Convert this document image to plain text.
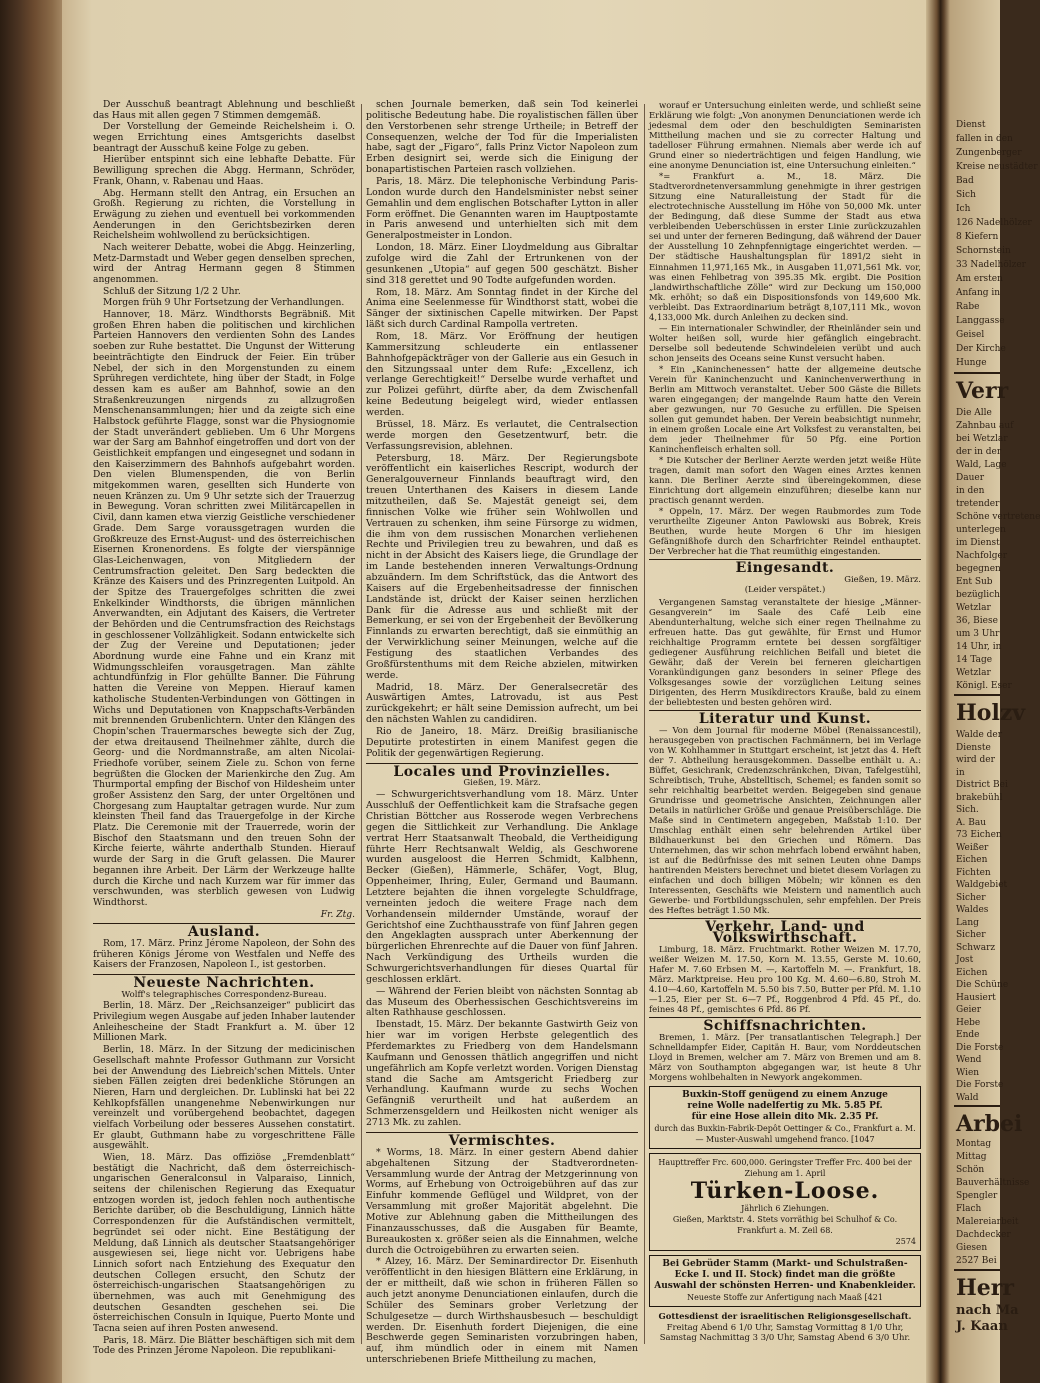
Der Ausschuß beantragt Ablehnung und beschließt das Haus mit allen gegen 7 Stimmen demgemäß.

Der Vorstellung der Gemeinde Reichelsheim i. O. wegen Errichtung eines Amtsgerichts daselbst beantragt der Ausschuß keine Folge zu geben.

Hierüber entspinnt sich eine lebhafte Debatte. Für Bewilligung sprechen die Abgg. Hermann, Schröder, Frank, Ohann, v. Rabenau und Haas.

Abg. Hermann stellt den Antrag, ein Ersuchen an Großh. Regierung zu richten, die Vorstellung in Erwägung zu ziehen und eventuell bei vorkommenden Aenderungen in den Gerichtsbezirken deren Reichelsheim wohlwollend zu berücksichtigen.

Nach weiterer Debatte, wobei die Abgg. Heinzerling, Metz-Darmstadt und Weber gegen denselben sprechen, wird der Antrag Hermann gegen 8 Stimmen angenommen.

Schluß der Sitzung 1/2 2 Uhr.

Morgen früh 9 Uhr Fortsetzung der Verhandlungen.

Hannover, 18. März. Windthorsts Begräbniß. Mit großen Ehren haben die politischen und kirchlichen Parteien Hannovers den verdienten Sohn des Landes soeben zur Ruhe bestattet. Die Ungunst der Witterung beeinträchtigte den Eindruck der Feier. Ein trüber Nebel, der sich in den Morgenstunden zu einem Sprühregen verdichtete, hing über der Stadt, in Folge dessen kam es außer am Bahnhof, sowie an den Straßenkreuzungen nirgends zu allzugroßen Menschenansammlungen; hier und da zeigte sich eine Halbstock geführte Flagge, sonst war die Physiognomie der Stadt unverändert geblieben. Um 6 Uhr Morgens war der Sarg am Bahnhof eingetroffen und dort von der Geistlichkeit empfangen und eingesegnet und sodann in den Kaiserzimmern des Bahnhofs aufgebahrt worden. Den vielen Blumenspenden, die von Berlin mitgekommen waren, gesellten sich Hunderte von neuen Kränzen zu. Um 9 Uhr setzte sich der Trauerzug in Bewegung. Voran schritten zwei Militärcapellen in Civil, dann kamen etwa vierzig Geistliche verschiedener Grade. Dem Sarge voraussgetragen wurden die Großkreuze des Ernst-August- und des österreichischen Eisernen Kronenordens. Es folgte der vierspännige Glas-Leichenwagen, von Mitgliedern der Centrumsfraction geleitet. Den Sarg bedeckten die Kränze des Kaisers und des Prinzregenten Luitpold. An der Spitze des Trauergefolges schritten die zwei Enkelkinder Windthorsts, die übrigen männlichen Anverwandten, ein Adjutant des Kaisers, die Vertreter der Behörden und die Centrumsfraction des Reichstags in geschlossener Vollzähligkeit. Sodann entwickelte sich der Zug der Vereine und Deputationen; jeder Abordnung wurde eine Fahne und ein Kranz mit Widmungsschleifen vorausgetragen. Man zählte achtundfünfzig in Flor gehüllte Banner. Die Führung hatten die Vereine von Meppen. Hierauf kamen katholische Studenten-Verbindungen von Göttingen in Wichs und Deputationen von Knappschafts-Verbänden mit brennenden Grubenlichtern. Unter den Klängen des Chopin'schen Trauermarsches bewegte sich der Zug, der etwa dreitausend Theilnehmer zählte, durch die Georg- und die Nordmannstraße, am alten Nicolai-Friedhofe vorüber, seinem Ziele zu. Schon von ferne begrüßten die Glocken der Marienkirche den Zug. Am Thurmportal empfing der Bischof von Hildesheim unter großer Assistenz den Sarg, der unter Orgeltönen und Chorgesang zum Hauptaltar getragen wurde. Nur zum kleinsten Theil fand das Trauergefolge in der Kirche Platz. Die Ceremonie mit der Trauerrede, worin der Bischof den Staatsmann und den treuen Sohn der Kirche feierte, währte anderthalb Stunden. Hierauf wurde der Sarg in die Gruft gelassen. Die Maurer begannen ihre Arbeit. Der Lärm der Werkzeuge hallte durch die Kirche und nach Kurzem war für immer das verschwunden, was sterblich gewesen von Ludwig Windthorst.

Fr. Ztg.

Ausland.

Rom, 17. März. Prinz Jérome Napoleon, der Sohn des früheren Königs Jérome von Westfalen und Neffe des Kaisers der Franzosen, Napoleon I., ist gestorben.

Neueste Nachrichten.

Wolff's telegraphisches Correspondenz-Bureau.

Berlin, 18. März. Der „Reichsanzeiger“ publicirt das Privilegium wegen Ausgabe auf jeden Inhaber lautender Anleihescheine der Stadt Frankfurt a. M. über 12 Millionen Mark.

Berlin, 18. März. In der Sitzung der medicinischen Gesellschaft mahnte Professor Guthmann zur Vorsicht bei der Anwendung des Liebreich'schen Mittels. Unter sieben Fällen zeigten drei bedenkliche Störungen an Nieren, Harn und dergleichen. Dr. Lublinski hat bei 22 Kehlkopfsfällen unangenehme Nebenwirkungen nur vereinzelt und vorübergehend beobachtet, dagegen vielfach Vorbeilung oder besseres Aussehen constatirt. Er glaubt, Guthmann habe zu vorgeschrittene Fälle ausgewählt.

Wien, 18. März. Das offiziöse „Fremdenblatt“ bestätigt die Nachricht, daß dem österreichisch-ungarischen Generalconsul in Valparaiso, Linnich, seitens der chilenischen Regierung das Exequatur entzogen worden ist, jedoch fehlen noch authentische Berichte darüber, ob die Beschuldigung, Linnich hätte Correspondenzen für die Aufständischen vermittelt, begründet sei oder nicht. Eine Bestätigung der Meldung, daß Linnich als deutscher Staatsangehöriger ausgewiesen sei, liege nicht vor. Uebrigens habe Linnich sofort nach Entziehung des Exequatur den deutschen Collegen ersucht, den Schutz der österreichisch-ungarischen Staatsangehörigen zu übernehmen, was auch mit Genehmigung des deutschen Gesandten geschehen sei. Die österreichischen Consuln in Iquique, Puerto Monte und Tacna seien auf ihren Posten anwesend.

Paris, 18. März. Die Blätter beschäftigen sich mit dem Tode des Prinzen Jérome Napoleon. Die republikani-

schen Journale bemerken, daß sein Tod keinerlei politische Bedeutung habe. Die royalistischen fällen über den Verstorbenen sehr strenge Urtheile; in Betreff der Consequenzen, welche der Tod für die Imperialisten habe, sagt der „Figaro“, falls Prinz Victor Napoleon zum Erben designirt sei, werde sich die Einigung der bonapartistischen Parteien rasch vollziehen.

Paris, 18. März. Die telephonische Verbindung Paris-London wurde durch den Handelsminister nebst seiner Gemahlin und dem englischen Botschafter Lytton in aller Form eröffnet. Die Genannten waren im Hauptpostamte in Paris anwesend und unterhielten sich mit dem Generalpostmeister in London.

London, 18. März. Einer Lloydmeldung aus Gibraltar zufolge wird die Zahl der Ertrunkenen von der gesunkenen „Utopia“ auf gegen 500 geschätzt. Bisher sind 318 gerettet und 90 Todte aufgefunden worden.

Rom, 18. März. Am Sonntag findet in der Kirche del Anima eine Seelenmesse für Windthorst statt, wobei die Sänger der sixtinischen Capelle mitwirken. Der Papst läßt sich durch Cardinal Rampolla vertreten.

Rom, 18. März. Vor Eröffnung der heutigen Kammersitzung schleuderte ein entlassener Bahnhofgepäckträger von der Gallerie aus ein Gesuch in den Sitzungssaal unter dem Rufe: „Excellenz, ich verlange Gerechtigkeit!“ Derselbe wurde verhaftet und zur Polizei geführt, dürfte aber, da dem Zwischenfall keine Bedeutung beigelegt wird, wieder entlassen werden.

Brüssel, 18. März. Es verlautet, die Centralsection werde morgen den Gesetzentwurf, betr. die Verfassungsrevision, ablehnen.

Petersburg, 18. März. Der Regierungsbote veröffentlicht ein kaiserliches Rescript, wodurch der Generalgouverneur Finnlands beauftragt wird, den treuen Unterthanen des Kaisers in diesem Lande mitzutheilen, daß Se. Majestät geneigt sei, dem finnischen Volke wie früher sein Wohlwollen und Vertrauen zu schenken, ihm seine Fürsorge zu widmen, die ihm von dem russischen Monarchen verliehenen Rechte und Privilegien treu zu bewahren, und daß es nicht in der Absicht des Kaisers liege, die Grundlage der im Lande bestehenden inneren Verwaltungs-Ordnung abzuändern. Im dem Schriftstück, das die Antwort des Kaisers auf die Ergebenheitsadresse der finnischen Landstände ist, drückt der Kaiser seinen herzlichen Dank für die Adresse aus und schließt mit der Bemerkung, er sei von der Ergebenheit der Bevölkerung Finnlands zu erwarten berechtigt, daß sie einmüthig an der Verwirklichung seiner Meinungen, welche auf die Festigung des staatlichen Verbandes des Großfürstenthums mit dem Reiche abzielen, mitwirken werde.

Madrid, 18. März. Der Generalsecretär des Auswärtigen Amtes, Latrovadu, ist aus Pest zurückgekehrt; er hält seine Demission aufrecht, um bei den nächsten Wahlen zu candidiren.

Rio de Janeiro, 18. März. Dreißig brasilianische Deputirte protestirten in einem Manifest gegen die Politik der gegenwärtigen Regierung.

Locales und Provinzielles.

Gießen, 19. März.

— Schwurgerichtsverhandlung vom 18. März. Unter Ausschluß der Oeffentlichkeit kam die Strafsache gegen Christian Böttcher aus Rosserode wegen Verbrechens gegen die Sittlichkeit zur Verhandlung. Die Anklage vertrat Herr Staatsanwalt Theobald, die Vertheidigung führte Herr Rechtsanwalt Weldig, als Geschworene wurden ausgeloost die Herren Schmidt, Kalbhenn, Becker (Gießen), Hämmerle, Schäfer, Vogt, Blug, Oppenheimer, Ihring, Euler, Germand und Baumann. Letztere bejahten die ihnen vorgelegte Schuldfrage, verneinten jedoch die weitere Frage nach dem Vorhandensein mildernder Umstände, worauf der Gerichtshof eine Zuchthausstrafe von fünf Jahren gegen den Angeklagten aussprach unter Aberkennung der bürgerlichen Ehrenrechte auf die Dauer von fünf Jahren. Nach Verkündigung des Urtheils wurden die Schwurgerichtsverhandlungen für dieses Quartal für geschlossen erklärt.

— Während der Ferien bleibt von nächsten Sonntag ab das Museum des Oberhessischen Geschichtsvereins im alten Rathhause geschlossen.

Ibenstadt, 15. März. Der bekannte Gastwirth Geiz von hier war im vorigen Herbste gelegentlich des Pferdemarktes zu Friedberg von dem Handelsmann Kaufmann und Genossen thätlich angegriffen und nicht ungefährlich am Kopfe verletzt worden. Vorigen Dienstag stand die Sache am Amtsgericht Friedberg zur Verhandlung. Kaufmann wurde zu sechs Wochen Gefängniß verurtheilt und hat außerdem an Schmerzensgeldern und Heilkosten nicht weniger als 2713 Mk. zu zahlen.

Vermischtes.

* Worms, 18. März. In einer gestern Abend dahier abgehaltenen Sitzung der Stadtverordneten-Versammlung wurde der Antrag der Metzgerinnung von Worms, auf Erhebung von Octroigebühren auf das zur Einfuhr kommende Geflügel und Wildpret, von der Versammlung mit großer Majorität abgelehnt. Die Motive zur Ablehnung gaben die Mittheilungen des Finanzausschusses, daß die Ausgaben für Beamte, Bureaukosten x. größer seien als die Einnahmen, welche durch die Octroigebühren zu erwarten seien.

* Alzey, 16. März. Der Seminardirector Dr. Eisenhuth veröffentlicht in den hiesigen Blättern eine Erklärung, in der er mittheilt, daß wie schon in früheren Fällen so auch jetzt anonyme Denunciationen einlaufen, durch die Schüler des Seminars grober Verletzung der Schulgesetze — durch Wirthshausbesuch — beschuldigt werden. Dr. Eisenhuth fordert Diejenigen, die eine Beschwerde gegen Seminaristen vorzubringen haben, auf, ihm mündlich oder in einem mit Namen unterschriebenen Briefe Mittheilung zu machen,

worauf er Untersuchung einleiten werde, und schließt seine Erklärung wie folgt: „Von anonymen Denunciationen werde ich jedesmal dem oder den beschuldigten Seminaristen Mittheilung machen und sie zu correcter Haltung und tadelloser Führung ermahnen. Niemals aber werde ich auf Grund einer so niederträchtigen und feigen Handlung, wie eine anonyme Denunciation ist, eine Untersuchung einleiten.“

*= Frankfurt a. M., 18. März. Die Stadtverordnetenversammlung genehmigte in ihrer gestrigen Sitzung eine Naturalleistung der Stadt für die electrotechnische Ausstellung im Höhe von 50,000 Mk. unter der Bedingung, daß diese Summe der Stadt aus etwa verbleibenden Ueberschüssen in erster Linie zurückzuzahlen sei und unter der ferneren Bedingung, daß während der Dauer der Ausstellung 10 Zehnpfennigtage eingerichtet werden. — Der städtische Haushaltungsplan für 1891/2 sieht in Einnahmen 11,971,165 Mk., in Ausgaben 11,071,561 Mk. vor, was einen Fehlbetrag von 395.35 Mk. ergibt. Die Position „landwirthschaftliche Zölle“ wird zur Deckung um 150,000 Mk. erhöht; so daß ein Dispositionsfonds von 149,600 Mk. verbleibt. Das Extraordinarium beträgt 8,107,111 Mk., wovon 4,133,000 Mk. durch Anleihen zu decken sind.

— Ein internationaler Schwindler, der Rheinländer sein und Wolter heißen soll, wurde hier gefänglich eingebracht. Derselbe soll bedeutende Schwindeleien verübt und auch schon jenseits des Oceans seine Kunst versucht haben.

* Ein „Kaninchenessen“ hatte der allgemeine deutsche Verein für Kaninchenzucht und Kaninchenverwerthung in Berlin am Mittwoch veranstaltet. Ueber 500 Gäste die Billets waren eingegangen; der mangelnde Raum hatte den Verein aber gezwungen, nur 70 Gesuche zu erfüllen. Die Speisen sollen gut gemundet haben. Der Verein beabsichtigt nunmehr, in einem großen Locale eine Art Volksfest zu veranstalten, bei dem jeder Theilnehmer für 50 Pfg. eine Portion Kaninchenfleisch erhalten soll.

* Die Kutscher der Berliner Aerzte werden jetzt weiße Hüte tragen, damit man sofort den Wagen eines Arztes kennen kann. Die Berliner Aerzte sind übereingekommen, diese Einrichtung dort allgemein einzuführen; dieselbe kann nur practisch genannt werden.

* Oppeln, 17. März. Der wegen Raubmordes zum Tode verurtheilte Zigeuner Anton Pawlowski aus Bobrek, Kreis Beuthen, wurde heute Morgen 6 Uhr im hiesigen Gefängnißhofe durch den Scharfrichter Reindel enthauptet. Der Verbrecher hat die That reumüthig eingestanden.

Eingesandt.

Gießen, 19. März.

(Leider verspätet.)

Vergangenen Samstag veranstaltete der hiesige „Männer-Gesangverein“ im Saale des Café Leib eine Abendunterhaltung, welche sich einer regen Theilnahme zu erfreuen hatte. Das gut gewählte, für Ernst und Humor reichhaltige Programm erntete bei dessen sorgfältiger gediegener Ausführung reichlichen Beifall und bietet die Gewähr, daß der Verein bei ferneren gleichartigen Vorankündigungen ganz besonders in seiner Pflege des Volksgesanges sowie der vorzüglichen Leitung seines Dirigenten, des Herrn Musikdirectors Krauße, bald zu einem der beliebtesten und besten gehören wird.

Literatur und Kunst.

— Von dem Journal für moderne Möbel (Renaissancestil), herausgegeben von practischen Fachmännern, bei im Verlage von W. Kohlhammer in Stuttgart erscheint, ist jetzt das 4. Heft der 7. Abtheilung herausgekommen. Dasselbe enthält u. A.: Büffet, Gesichrank, Credenzschränkchen, Divan, Tafelgestühl, Schreibtisch, Truhe, Abstelltisch, Schemel; es fanden somit so sehr reichhaltig bearbeitet werden. Beigegeben sind genaue Grundrisse und geometrische Ansichten, Zeichnungen aller Details in natürlicher Größe und genaue Preisüberschläge. Die Maße sind in Centimetern angegeben, Maßstab 1:10. Der Umschlag enthält einen sehr belehrenden Artikel über Bildhauerkunst bei den Griechen und Römern. Das Unternehmen, das wir schon mehrfach lobend erwähnt haben, ist auf die Bedürfnisse des mit seinen Leuten ohne Damps hantirenden Meisters berechnet und bietet diesem Vorlagen zu einfachen und doch billigen Möbeln; wir können es den Interessenten, Geschäfts wie Meistern und namentlich auch Gewerbe- und Fortbildungsschulen, sehr empfehlen. Der Preis des Heftes beträgt 1.50 Mk.

Verkehr, Land- und Volkswirthschaft.

Limburg, 18. März. Fruchtmarkt. Rother Weizen M. 17.70, weißer Weizen M. 17.50, Korn M. 13.55, Gerste M. 10.60, Hafer M. 7.60 Erbsen M. —, Kartoffeln M. —. Frankfurt, 18. März. Marktpreise. Heu pro 100 Kg. M. 4.60—6.80, Stroh M. 4.10—4.60, Kartoffeln M. 5.50 bis 7.50, Butter per Pfd. M. 1.10—1.25, Eier per St. 6—7 Pf., Roggenbrod 4 Pfd. 45 Pf., do. feines 48 Pf., gemischtes 6 Pfd. 86 Pf.

Schiffsnachrichten.

Bremen, 1. März. [Per transatlantischen Telegraph.] Der Schnelldampfer Eider, Capitän H. Baur, vom Norddeutschen Lloyd in Bremen, welcher am 7. März von Bremen und am 8. März von Southampton abgegangen war, ist heute 8 Uhr Morgens wohlbehalten in Newyork angekommen.

Buxkin-Stoff genügend zu einem Anzuge
reine Wolle nadelfertig zu Mk. 5.85 Pf.
für eine Hose allein dito Mk. 2.35 Pf.
durch das Buxkin-Fabrik-Depôt Oettinger & Co., Frankfurt a. M. — Muster-Auswahl umgehend franco. [1047
Haupttreffer Frc. 600,000. Geringster Treffer Frc. 400 bei der Ziehung am 1. April
Türken-Loose.
Jährlich 6 Ziehungen.
Gießen, Marktstr. 4. Stets vorräthig bei Schulhof & Co. Frankfurt a. M. Zeil 68.
2574
Bei Gebrüder Stamm (Markt- und Schulstraßen-Ecke I. und II. Stock) findet man die größte Auswahl der schönsten Herren- und Knabenkleider.
Neueste Stoffe zur Anfertigung nach Maaß [421

Gottesdienst der israelitischen Religionsgesellschaft.

Freitag Abend 6 1/0 Uhr, Samstag Vormittag 8 1/0 Uhr, Samstag Nachmittag 3 3/0 Uhr, Samstag Abend 6 3/0 Uhr.

Dienst
fallen in den
Zungenberger
Kreise neustädter
Bad
Sich
Ich
126 Nadelhölzer
8 Kiefern
Schornstein
33 Nadelhölzer
Am ersten
Anfang in
Rabe
Langgasse
Geisel
Der Kirche
Hunge
Verr
Die Alle
Zahnbau auf
bei Wetzlar
der in der
Wald, Lage
Dauer
in den
tretender
Schöne vertretene
unterlegen
im Dienst
Nachfolger
begegnen
Ent Sub
bezüglich
Wetzlar
36, Biese
um 3 Uhr
14 Uhr, in
14 Tage
Wetzlar
Königl. Eser
Holzv
Walde der
Dienste
wird der
in
District Bei
brakebühl
Sich.
A. Bau
73 Eichen
Weißer
Eichen
Fichten
Waldgebiet
Sicher
Waldes
Lang
Sicher
Schwarz
Jost
Eichen
Die Schüne
Hausiert
Geier
Hebe
Ende
Die Forste
Wend
Wien
Die Forste
Wald
Arbei
Montag
Mittag
Schön
Bauverhältnisse
Spengler
Flach
Malereiarbeit
Dachdecker
Giesen
2527 Bei
Herr
nach Ma
J. Kaan
